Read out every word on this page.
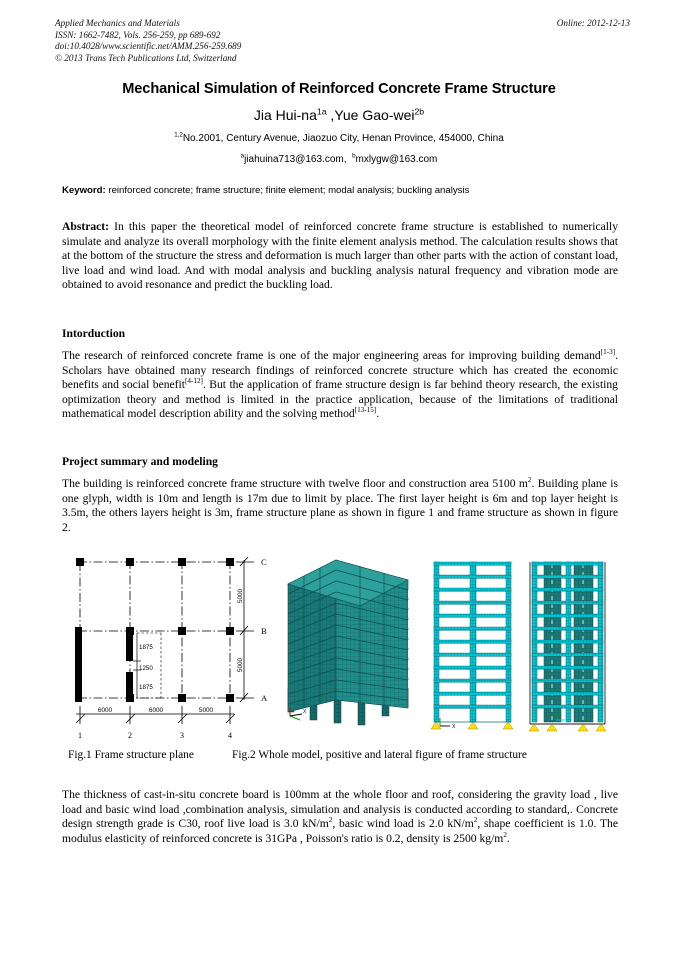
Online: 2012-12-13
Applied Mechanics and Materials
ISSN: 1662-7482, Vols. 256-259, pp 689-692
doi:10.4028/www.scientific.net/AMM.256-259.689
© 2013 Trans Tech Publications Ltd, Switzerland
Mechanical Simulation of Reinforced Concrete Frame Structure
Jia Hui-$na^{1a}$ ,Yue Gao-wei$^{2b}$
$^{1,2}$No.2001, Century Avenue, Jiaozuo City, Henan Province, 454000, China
$^a$jiahuina713@163.com, $^b$mxlygw@163.com
Keyword: reinforced concrete; frame structure; finite element; modal analysis; buckling analysis

Abstract: In this paper the theoretical model of reinforced concrete frame structure is established to numerically simulate and analyze its overall morphology with the finite element analysis method. The calculation results shows that at the bottom of the structure the stress and deformation is much larger than other parts with the action of constant load, live load and wind load. And with modal analysis and buckling analysis natural frequency and vibration mode are obtained to avoid resonance and predict the buckling load.

Intorduction

The research of reinforced concrete frame is one of the major engineering areas for improving building demand[1-3]. Scholars have obtained many research findings of reinforced concrete structure which has created the economic benefits and social benefit[4-12]. But the application of frame structure design is far behind theory research, the existing optimization theory and method is limited in the practice application, because of the limitations of traditional mathematical model description ability and the solving method[13-15].

Project summary and modeling

The building is reinforced concrete frame structure with twelve floor and construction area 5100 $m^2$. Building plane is one glyph, width is 10m and length is 17m due to limit by place. The first layer height is 6m and top layer height is 3.5m, the others layers height is 3m, frame structure plane as shown in figure 1 and frame structure as shown in figure 2.

1875
1250
1875
5000
5000
C
B
A
6000	6000	5000
1	2	3	4
X
X
Fig.1 Frame structure plane	Fig.2 Whole model, positive and lateral figure of frame structure

The thickness of cast-in-situ concrete board is 100mm at the whole floor and roof, considering the gravity load , live load and basic wind load ,combination analysis, simulation and analysis is conducted according to standard,. Concrete design strength grade is C30, roof live load is 3.0 $kN/m^2$, basic wind load is 2.0 $kN/m^2$, shape coefficient is 1.0. The modulus elasticity of reinforced concrete is 31GPa , Poisson's ratio is 0.2, density is 2500 $kg/m^2$.
